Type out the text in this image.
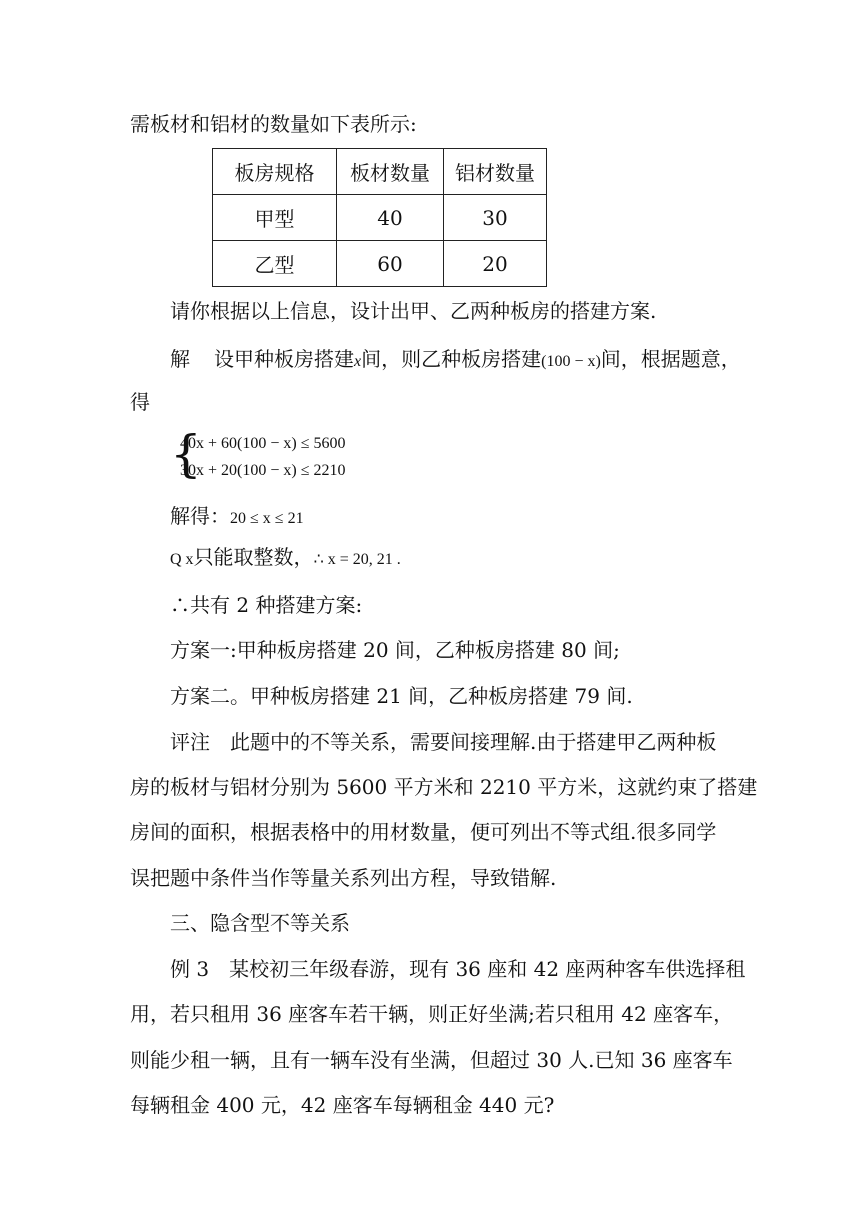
需板材和铝材的数量如下表所示:
板房规格	板材数量	铝材数量
甲型	40	30
乙型	60	20
请你根据以上信息，设计出甲、乙两种板房的搭建方案.
解 设甲种板房搭建x间，则乙种板房搭建(100 − x)间，根据题意，
得
{
40x + 60(100 − x) ≤ 5600
30x + 20(100 − x) ≤ 2210
解得：20 ≤ x ≤ 21
Q x只能取整数，∴ x = 20, 21 .
∴共有 2 种搭建方案:
方案一:甲种板房搭建 20 间，乙种板房搭建 80 间;
方案二。甲种板房搭建 21 间，乙种板房搭建 79 间.
评注　此题中的不等关系，需要间接理解.由于搭建甲乙两种板
房的板材与铝材分别为 5600 平方米和 2210 平方米，这就约束了搭建
房间的面积，根据表格中的用材数量，便可列出不等式组.很多同学
误把题中条件当作等量关系列出方程，导致错解.
三、隐含型不等关系
例 3　某校初三年级春游，现有 36 座和 42 座两种客车供选择租
用，若只租用 36 座客车若干辆，则正好坐满;若只租用 42 座客车，
则能少租一辆，且有一辆车没有坐满，但超过 30 人.已知 36 座客车
每辆租金 400 元，42 座客车每辆租金 440 元?
